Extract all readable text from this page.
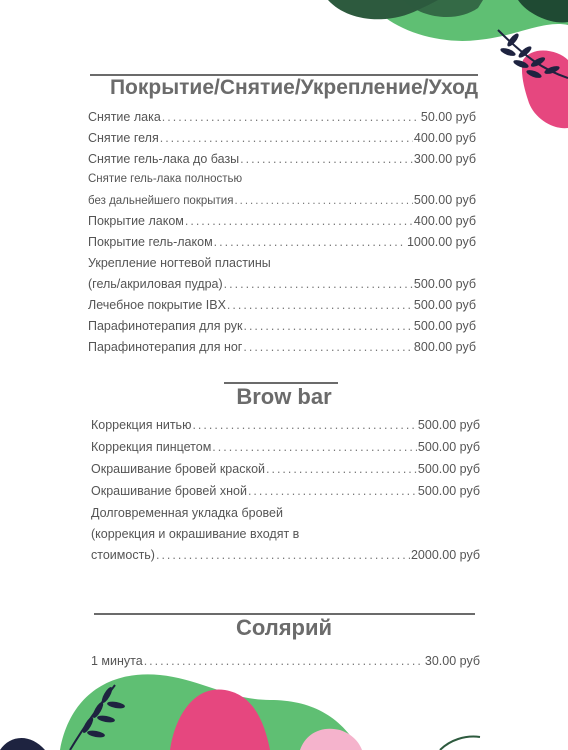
Покрытие/Снятие/Укрепление/Уход
Снятие лака .....	50.00 руб
Снятие геля .....	400.00 руб
Снятие гель-лака до базы .....	300.00 руб
Снятие гель-лака полностью
без дальнейшего покрытия .....	500.00 руб
Покрытие лаком .....	400.00 руб
Покрытие гель-лаком .....	1000.00 руб
Укрепление ногтевой пластины
(гель/акриловая пудра) .....	500.00 руб
Лечебное покрытие IBX .....	500.00 руб
Парафинотерапия для рук .....	500.00 руб
Парафинотерапия для ног .....	800.00 руб
Brow bar
Коррекция нитью .....	500.00 руб
Коррекция пинцетом .....	500.00 руб
Окрашивание бровей краской .....	500.00 руб
Окрашивание бровей хной .....	500.00 руб
Долговременная укладка бровей
(коррекция и окрашивание входят в
стоимость) .....	2000.00 руб
Солярий
1 минута .....	30.00 руб
